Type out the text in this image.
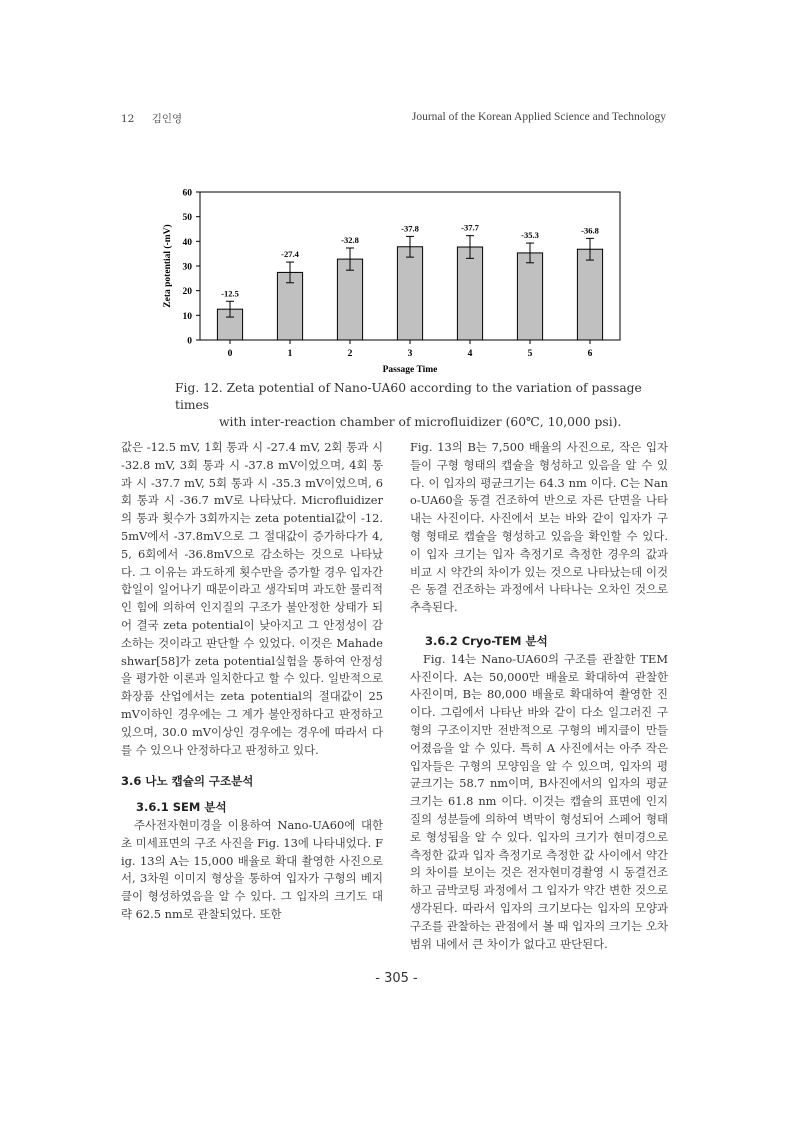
12 김인영	Journal of the Korean Applied Science and Technology
0
10
20
30
40
50
60
-12.5
0
-27.4
1
-32.8
2
-37.8
3
-37.7
4
-35.3
5
-36.8
6
Passage Time
Zeta potential (-mV)
Fig. 12. Zeta potential of Nano-UA60 according to the variation of passage times
with inter-reaction chamber of microfluidizer (60℃, 10,000 psi).

값은 -12.5 mV, 1회 통과 시 -27.4 mV, 2회 통과 시 -32.8 mV, 3회 통과 시 -37.8 mV이었으며, 4회 통과 시 -37.7 mV, 5회 통과 시 -35.3 mV이었으며, 6회 통과 시 -36.7 mV로 나타났다. Microfluidizer의 통과 횟수가 3회까지는 zeta potential값이 -12.5mV에서 -37.8mV으로 그 절대값이 증가하다가 4, 5, 6회에서 -36.8mV으로 감소하는 것으로 나타났다. 그 이유는 과도하게 횟수만을 증가할 경우 입자간 합일이 일어나기 때문이라고 생각되며 과도한 물리적인 힘에 의하여 인지질의 구조가 불안정한 상태가 되어 결국 zeta potential이 낮아지고 그 안정성이 감소하는 것이라고 판단할 수 있었다. 이것은 Mahadeshwar[58]가 zeta potential실험을 통하여 안정성을 평가한 이론과 일치한다고 할 수 있다. 일반적으로 화장품 산업에서는 zeta potential의 절대값이 25 mV이하인 경우에는 그 계가 불안정하다고 판정하고 있으며, 30.0 mV이상인 경우에는 경우에 따라서 다를 수 있으나 안정하다고 판정하고 있다.

3.6 나노 캡슐의 구조분석
3.6.1 SEM 분석

주사전자현미경을 이용하여 Nano-UA60에 대한 초 미세표면의 구조 사진을 Fig. 13에 나타내었다. Fig. 13의 A는 15,000 배율로 확대 촬영한 사진으로서, 3차원 이미지 형상을 통하여 입자가 구형의 베지클이 형성하였음을 알 수 있다. 그 입자의 크기도 대략 62.5 nm로 관찰되었다. 또한

Fig. 13의 B는 7,500 배율의 사진으로, 작은 입자들이 구형 형태의 캡슐을 형성하고 있음을 알 수 있다. 이 입자의 평균크기는 64.3 nm 이다. C는 Nano-UA60을 동결 건조하여 반으로 자른 단면을 나타내는 사진이다. 사진에서 보는 바와 같이 입자가 구형 형태로 캡슐을 형성하고 있음을 확인할 수 있다. 이 입자 크기는 입자 측정기로 측정한 경우의 값과 비교 시 약간의 차이가 있는 것으로 나타났는데 이것은 동결 건조하는 과정에서 나타나는 오차인 것으로 추측된다.

3.6.2 Cryo-TEM 분석

Fig. 14는 Nano-UA60의 구조를 관찰한 TEM 사진이다. A는 50,000만 배율로 확대하여 관찰한 사진이며, B는 80,000 배율로 확대하여 촬영한 진이다. 그림에서 나타난 바와 같이 다소 일그러진 구형의 구조이지만 전반적으로 구형의 베지클이 만들어졌음을 알 수 있다. 특히 A 사진에서는 아주 작은 입자들은 구형의 모양임을 알 수 있으며, 입자의 평균크기는 58.7 nm이며, B사진에서의 입자의 평균크기는 61.8 nm 이다. 이것는 캡슐의 표면에 인지질의 성분들에 의하여 벽막이 형성되어 스페어 형태로 형성됨을 알 수 있다. 입자의 크기가 현미경으로 측정한 값과 입자 측정기로 측정한 값 사이에서 약간의 차이를 보이는 것은 전자현미경촬영 시 동결건조하고 금박코팅 과정에서 그 입자가 약간 변한 것으로 생각된다. 따라서 입자의 크기보다는 입자의 모양과 구조를 관찰하는 관점에서 볼 때 입자의 크기는 오차 범위 내에서 큰 차이가 없다고 판단된다.

- 305 -
